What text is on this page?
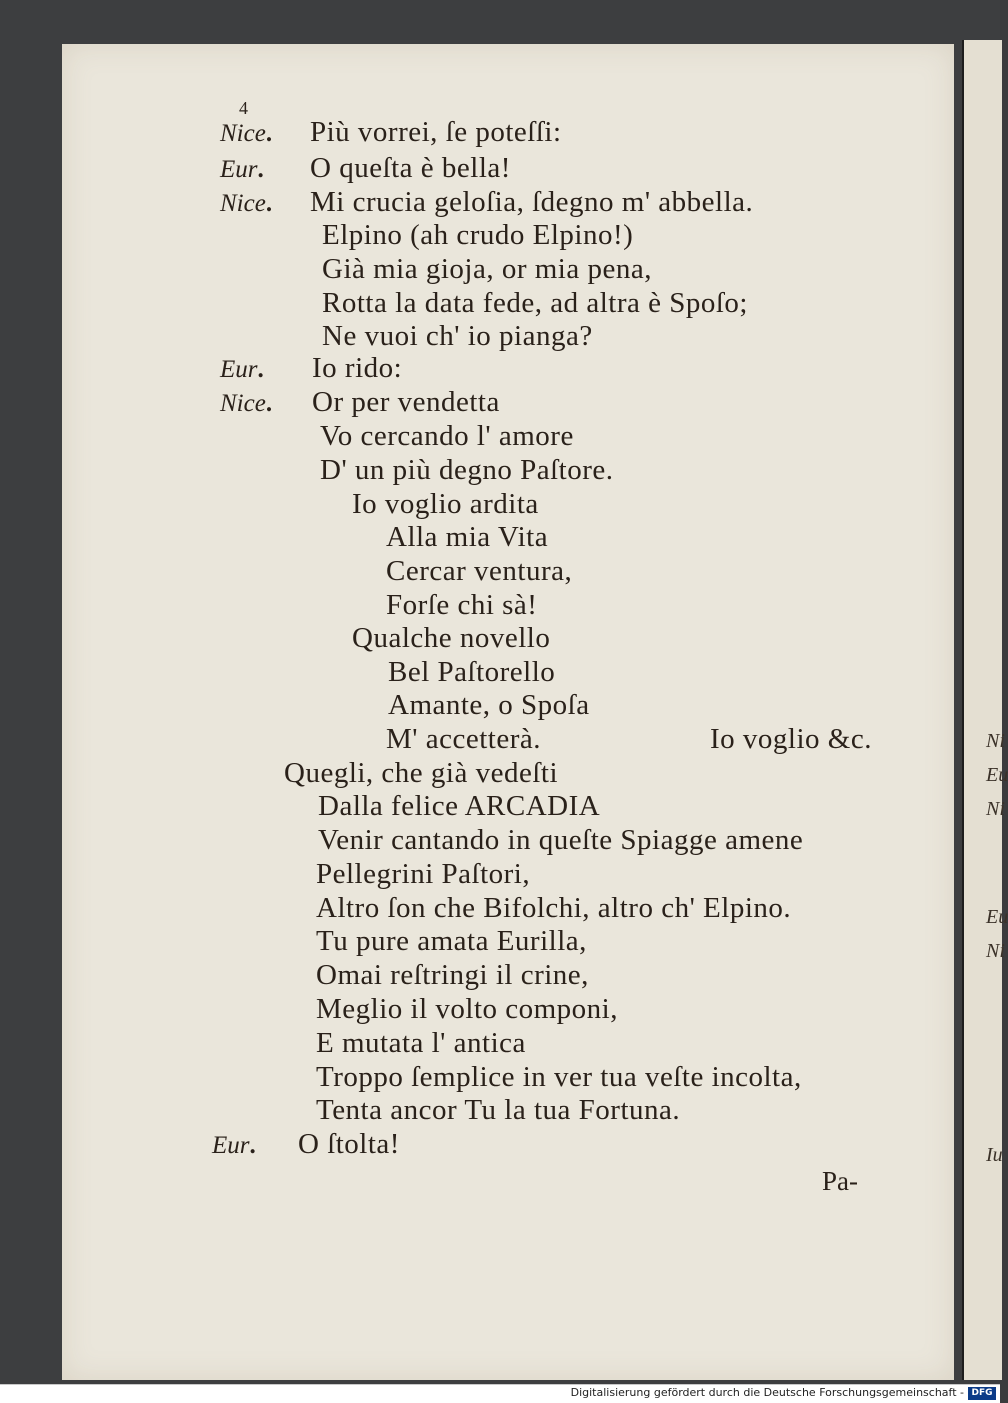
Ni
Eu
Ni
Eu
Ni
Iu
4
Nice.
Eur.
Nice.
Eur.
Nice.
Eur.
Più vorrei, ſe poteſſi:
O queſta è bella!
Mi crucia geloſia, ſdegno m' abbella.
Elpino (ah crudo Elpino!)
Già mia gioja, or mia pena,
Rotta la data fede, ad altra è Spoſo;
Ne vuoi ch' io pianga?
Io rido:
Or per vendetta
Vo cercando l' amore
D' un più degno Paſtore.
Io voglio ardita
Alla mia Vita
Cercar ventura,
Forſe chi sà!
Qualche novello
Bel Paſtorello
Amante, o Spoſa
M' accetterà.	Io voglio &c.
Quegli, che già vedeſti
Dalla felice ARCADIA
Venir cantando in queſte Spiagge amene
Pellegrini Paſtori,
Altro ſon che Bifolchi, altro ch' Elpino.
Tu pure amata Eurilla,
Omai reſtringi il crine,
Meglio il volto componi,
E mutata l' antica
Troppo ſemplice in ver tua veſte incolta,
Tenta ancor Tu la tua Fortuna.
O ſtolta!
Pa-
Digitalisierung gefördert durch die Deutsche Forschungsgemeinschaft - DFG
